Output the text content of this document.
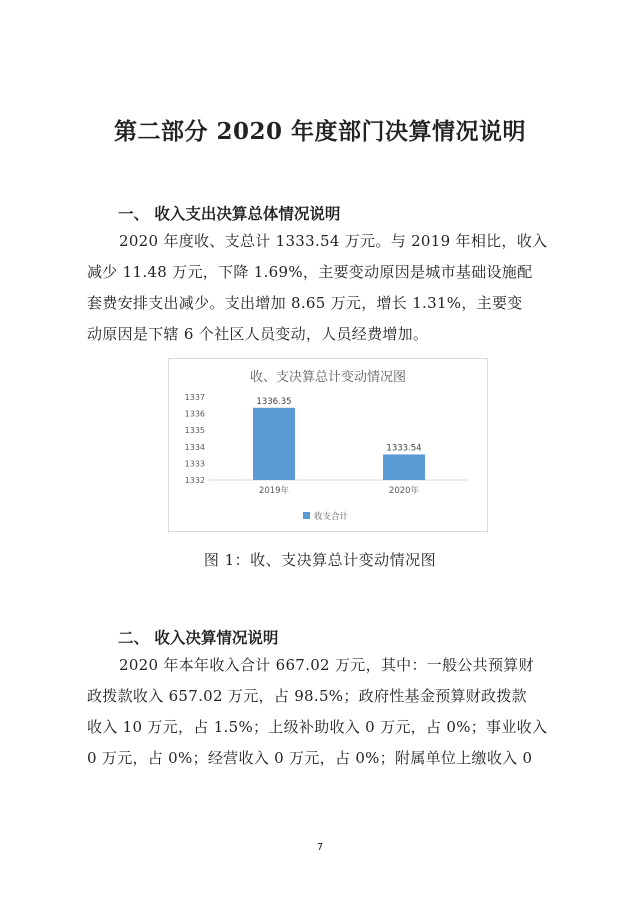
第二部分 2020 年度部门决算情况说明
一、 收入支出决算总体情况说明

2020 年度收、支总计 1333.54 万元。与 2019 年相比，收入

减少 11.48 万元，下降 1.69%，主要变动原因是城市基础设施配

套费安排支出减少。支出增加 8.65 万元，增长 1.31%，主要变

动原因是下辖 6 个社区人员变动，人员经费增加。

收、支决算总计变动情况图
1332
1333
1334
1335
1336
1337	1336.35
1333.54
2019年	2020年
收支合计
图 1：收、支决算总计变动情况图
二、 收入决算情况说明

2020 年本年收入合计 667.02 万元，其中：一般公共预算财

政拨款收入 657.02 万元，占 98.5%；政府性基金预算财政拨款

收入 10 万元，占 1.5%；上级补助收入 0 万元，占 0%；事业收入

0 万元，占 0%；经营收入 0 万元，占 0%；附属单位上缴收入 0

7
